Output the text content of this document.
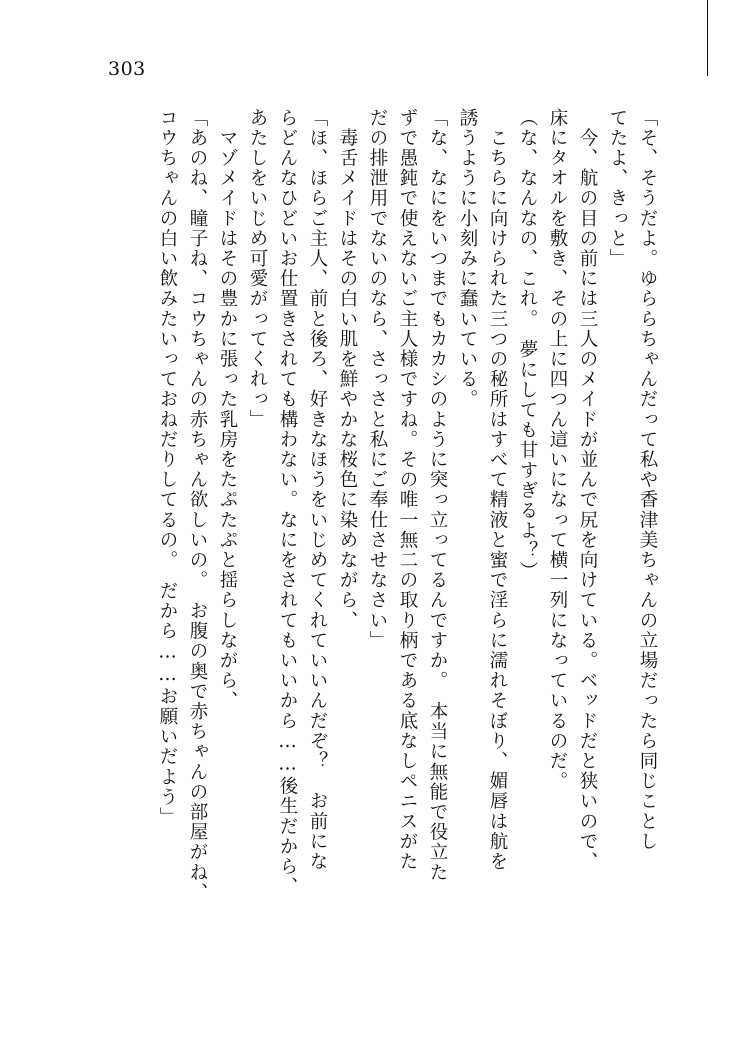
303
「そ、そうだよ。ゆららちゃんだって私や香津美ちゃんの立場だったら同じことし
てたよ、きっと」
　今、航の目の前には三人のメイドが並んで尻を向けている。ベッドだと狭いので、
床にタオルを敷き、その上に四つん這いになって横一列になっているのだ。
（な、なんなの、これ。　夢にしても甘すぎるよ？）
　こちらに向けられた三つの秘所はすべて精液と蜜で淫らに濡れそぼり、媚唇は航を
誘うように小刻みに蠢いている。
「な、なにをいつまでもカカシのように突っ立ってるんですか。　本当に無能で役立た
ずで愚鈍で使えないご主人様ですね。その唯一無二の取り柄である底なしペニスがた
だの排泄用でないのなら、さっさと私にご奉仕させなさい」
　毒舌メイドはその白い肌を鮮やかな桜色に染めながら、
「ほ、ほらご主人、前と後ろ、好きなほうをいじめてくれていいんだぞ？　お前にな
らどんなひどいお仕置きされても構わない。なにをされてもいいから……後生だから、
あたしをいじめ可愛がってくれっ」
　マゾメイドはその豊かに張った乳房をたぷたぷと揺らしながら、
「あのね、瞳子ね、コウちゃんの赤ちゃん欲しいの。　お腹の奥で赤ちゃんの部屋がね、
コウちゃんの白い飲みたいっておねだりしてるの。　だから……お願いだよう」
